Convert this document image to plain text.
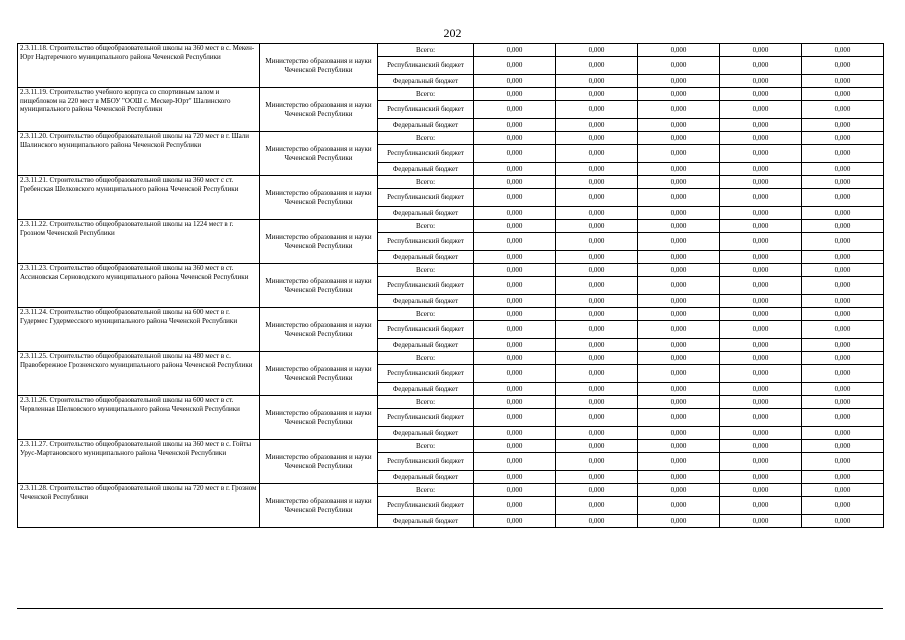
202
2.3.11.18. Строительство общеобразовательной школы на 360 мест в с. Мекен-Юрт Надтеречного муниципального района Чеченской Республики	Министерство образования и науки Чеченской Республики	Всего:	0,000	0,000	0,000	0,000	0,000
		Республиканский бюджет	0,000	0,000	0,000	0,000	0,000
		Федеральный бюджет	0,000	0,000	0,000	0,000	0,000
2.3.11.19. Строительство учебного корпуса со спортивным залом и пищеблоком на 220 мест в МБОУ "ООШ с. Мескер-Юрт" Шалинского муниципального района Чеченской Республики	Министерство образования и науки Чеченской Республики	Всего:	0,000	0,000	0,000	0,000	0,000
		Республиканский бюджет	0,000	0,000	0,000	0,000	0,000
		Федеральный бюджет	0,000	0,000	0,000	0,000	0,000
2.3.11.20. Строительство общеобразовательной школы на 720 мест в г. Шали Шалинского муниципального района Чеченской Республики	Министерство образования и науки Чеченской Республики	Всего:	0,000	0,000	0,000	0,000	0,000
		Республиканский бюджет	0,000	0,000	0,000	0,000	0,000
		Федеральный бюджет	0,000	0,000	0,000	0,000	0,000
2.3.11.21. Строительство общеобразовательной школы на 360 мест с ст. Гребенская Шелковского муниципального района Чеченской Республики	Министерство образования и науки Чеченской Республики	Всего:	0,000	0,000	0,000	0,000	0,000
		Республиканский бюджет	0,000	0,000	0,000	0,000	0,000
		Федеральный бюджет	0,000	0,000	0,000	0,000	0,000
2.3.11.22. Строительство общеобразовательной школы на 1224 мест в г. Грозном Чеченской Республики	Министерство образования и науки Чеченской Республики	Всего:	0,000	0,000	0,000	0,000	0,000
		Республиканский бюджет	0,000	0,000	0,000	0,000	0,000
		Федеральный бюджет	0,000	0,000	0,000	0,000	0,000
2.3.11.23. Строительство общеобразовательной школы на 360 мест в ст. Ассиновская Серноводского муниципального района Чеченской Республики	Министерство образования и науки Чеченской Республики	Всего:	0,000	0,000	0,000	0,000	0,000
		Республиканский бюджет	0,000	0,000	0,000	0,000	0,000
		Федеральный бюджет	0,000	0,000	0,000	0,000	0,000
2.3.11.24. Строительство общеобразовательной школы на 600 мест в г. Гудермес Гудермесского муниципального района Чеченской Республики	Министерство образования и науки Чеченской Республики	Всего:	0,000	0,000	0,000	0,000	0,000
		Республиканский бюджет	0,000	0,000	0,000	0,000	0,000
		Федеральный бюджет	0,000	0,000	0,000	0,000	0,000
2.3.11.25. Строительство общеобразовательной школы на 480 мест в с. Правобережное Грозненского муниципального района Чеченской Республики	Министерство образования и науки Чеченской Республики	Всего:	0,000	0,000	0,000	0,000	0,000
		Республиканский бюджет	0,000	0,000	0,000	0,000	0,000
		Федеральный бюджет	0,000	0,000	0,000	0,000	0,000
2.3.11.26. Строительство общеобразовательной школы на 600 мест в ст. Червленная Шелковского муниципального района Чеченской Республики	Министерство образования и науки Чеченской Республики	Всего:	0,000	0,000	0,000	0,000	0,000
		Республиканский бюджет	0,000	0,000	0,000	0,000	0,000
		Федеральный бюджет	0,000	0,000	0,000	0,000	0,000
2.3.11.27. Строительство общеобразовательной школы на 360 мест в с. Гойты Урус-Мартановского муниципального района Чеченской Республики	Министерство образования и науки Чеченской Республики	Всего:	0,000	0,000	0,000	0,000	0,000
		Республиканский бюджет	0,000	0,000	0,000	0,000	0,000
		Федеральный бюджет	0,000	0,000	0,000	0,000	0,000
2.3.11.28. Строительство общеобразовательной школы на 720 мест в г. Грозном Чеченской Республики	Министерство образования и науки Чеченской Республики	Всего:	0,000	0,000	0,000	0,000	0,000
		Республиканский бюджет	0,000	0,000	0,000	0,000	0,000
		Федеральный бюджет	0,000	0,000	0,000	0,000	0,000
